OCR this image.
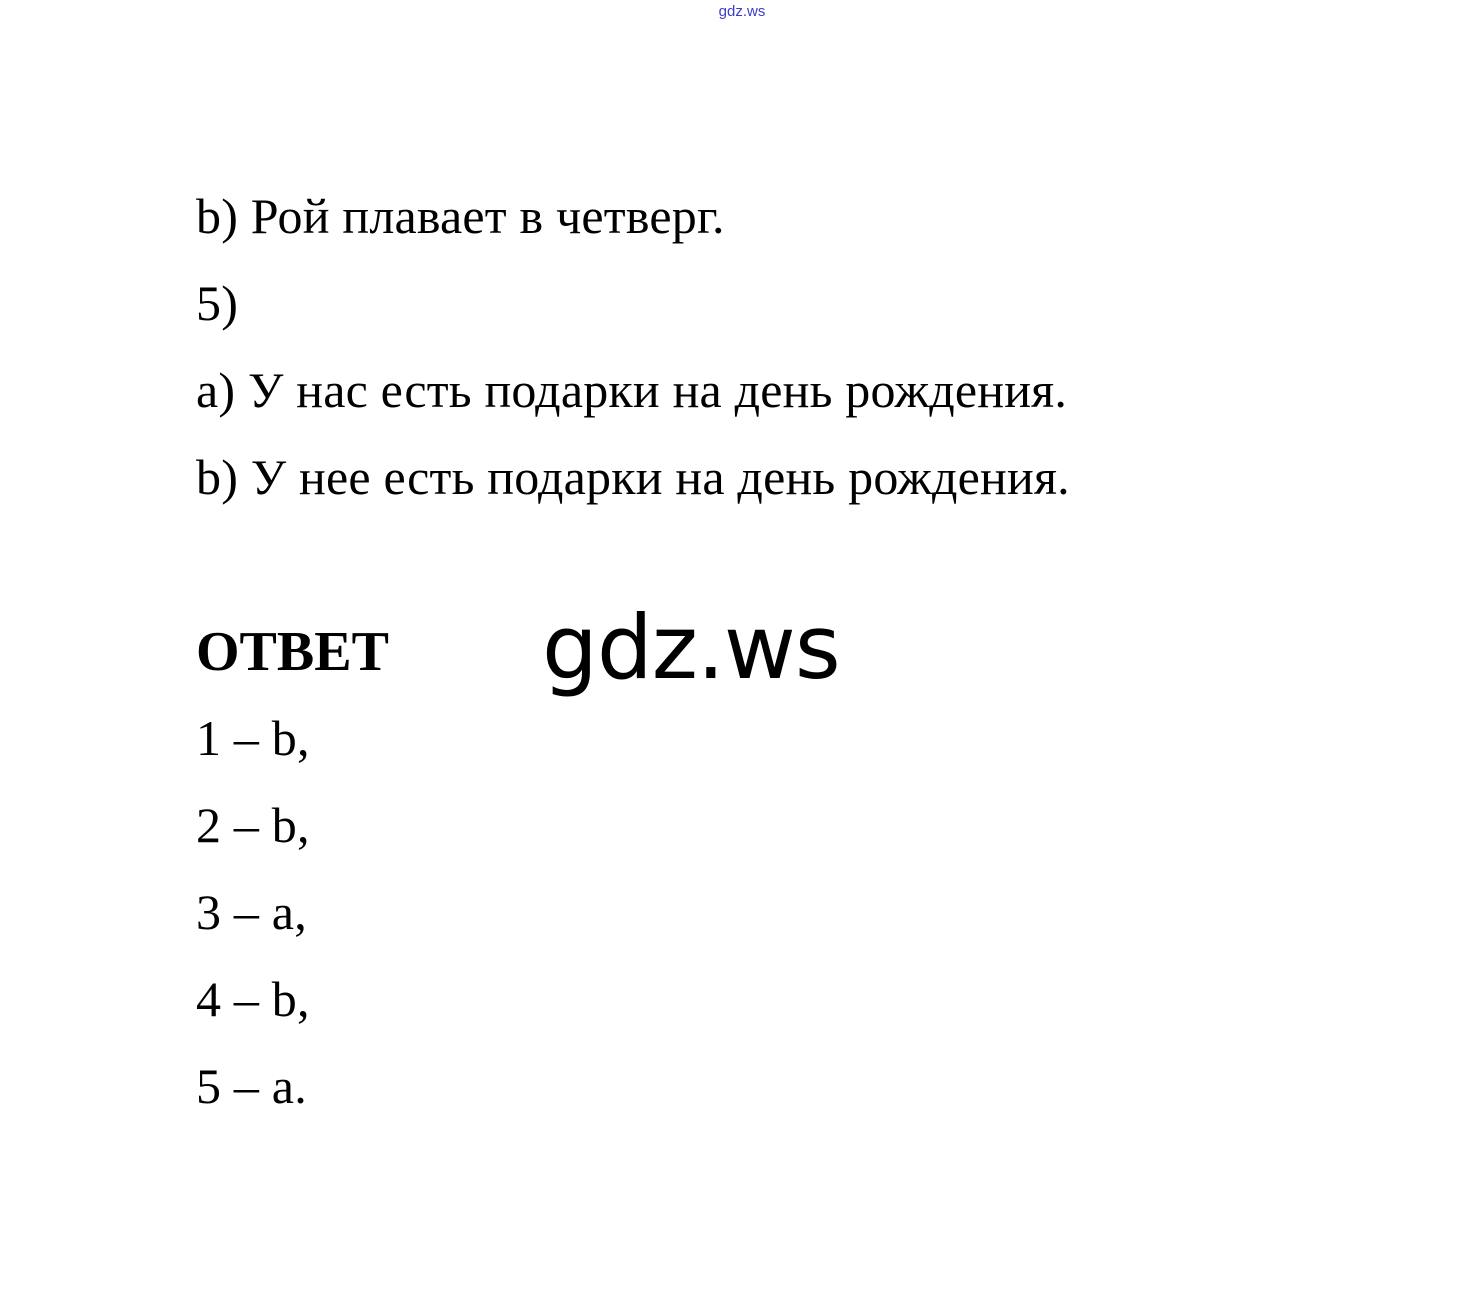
gdz.ws
b) Рой плавает в четверг.
5)
a) У нас есть подарки на день рождения.
b) У нее есть подарки на день рождения.
ОТВЕТ gdz.ws
1 – b,
2 – b,
3 – a,
4 – b,
5 – a.
